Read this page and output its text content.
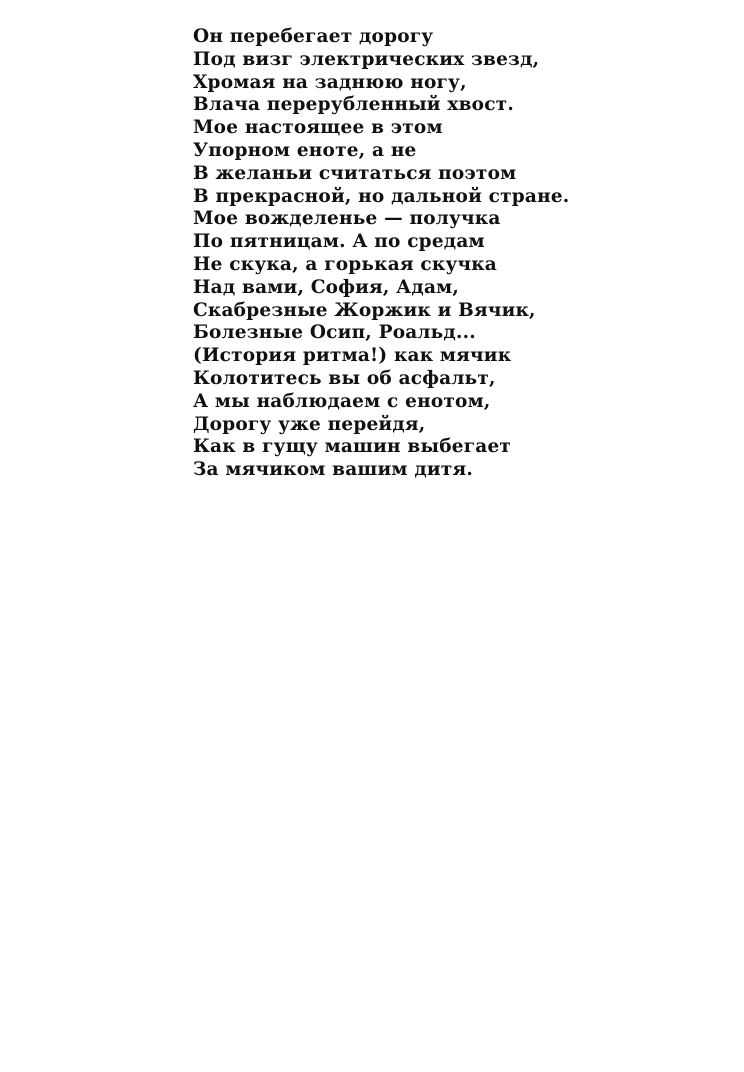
Он перебегает дорогу
Под визг электрических звезд,
Хромая на заднюю ногу,
Влача перерубленный хвост.
Мое настоящее в этом
Упорном еноте, а не
В желаньи считаться поэтом
В прекрасной, но дальной стране.
Мое вожделенье — получка
По пятницам. А по средам
Не скука, а горькая скучка
Над вами, София, Адам,
Скабрезные Жоржик и Вячик,
Болезные Осип, Роальд...
(История ритма!) как мячик
Колотитесь вы об асфальт,
А мы наблюдаем с енотом,
Дорогу уже перейдя,
Как в гущу машин выбегает
За мячиком вашим дитя.
